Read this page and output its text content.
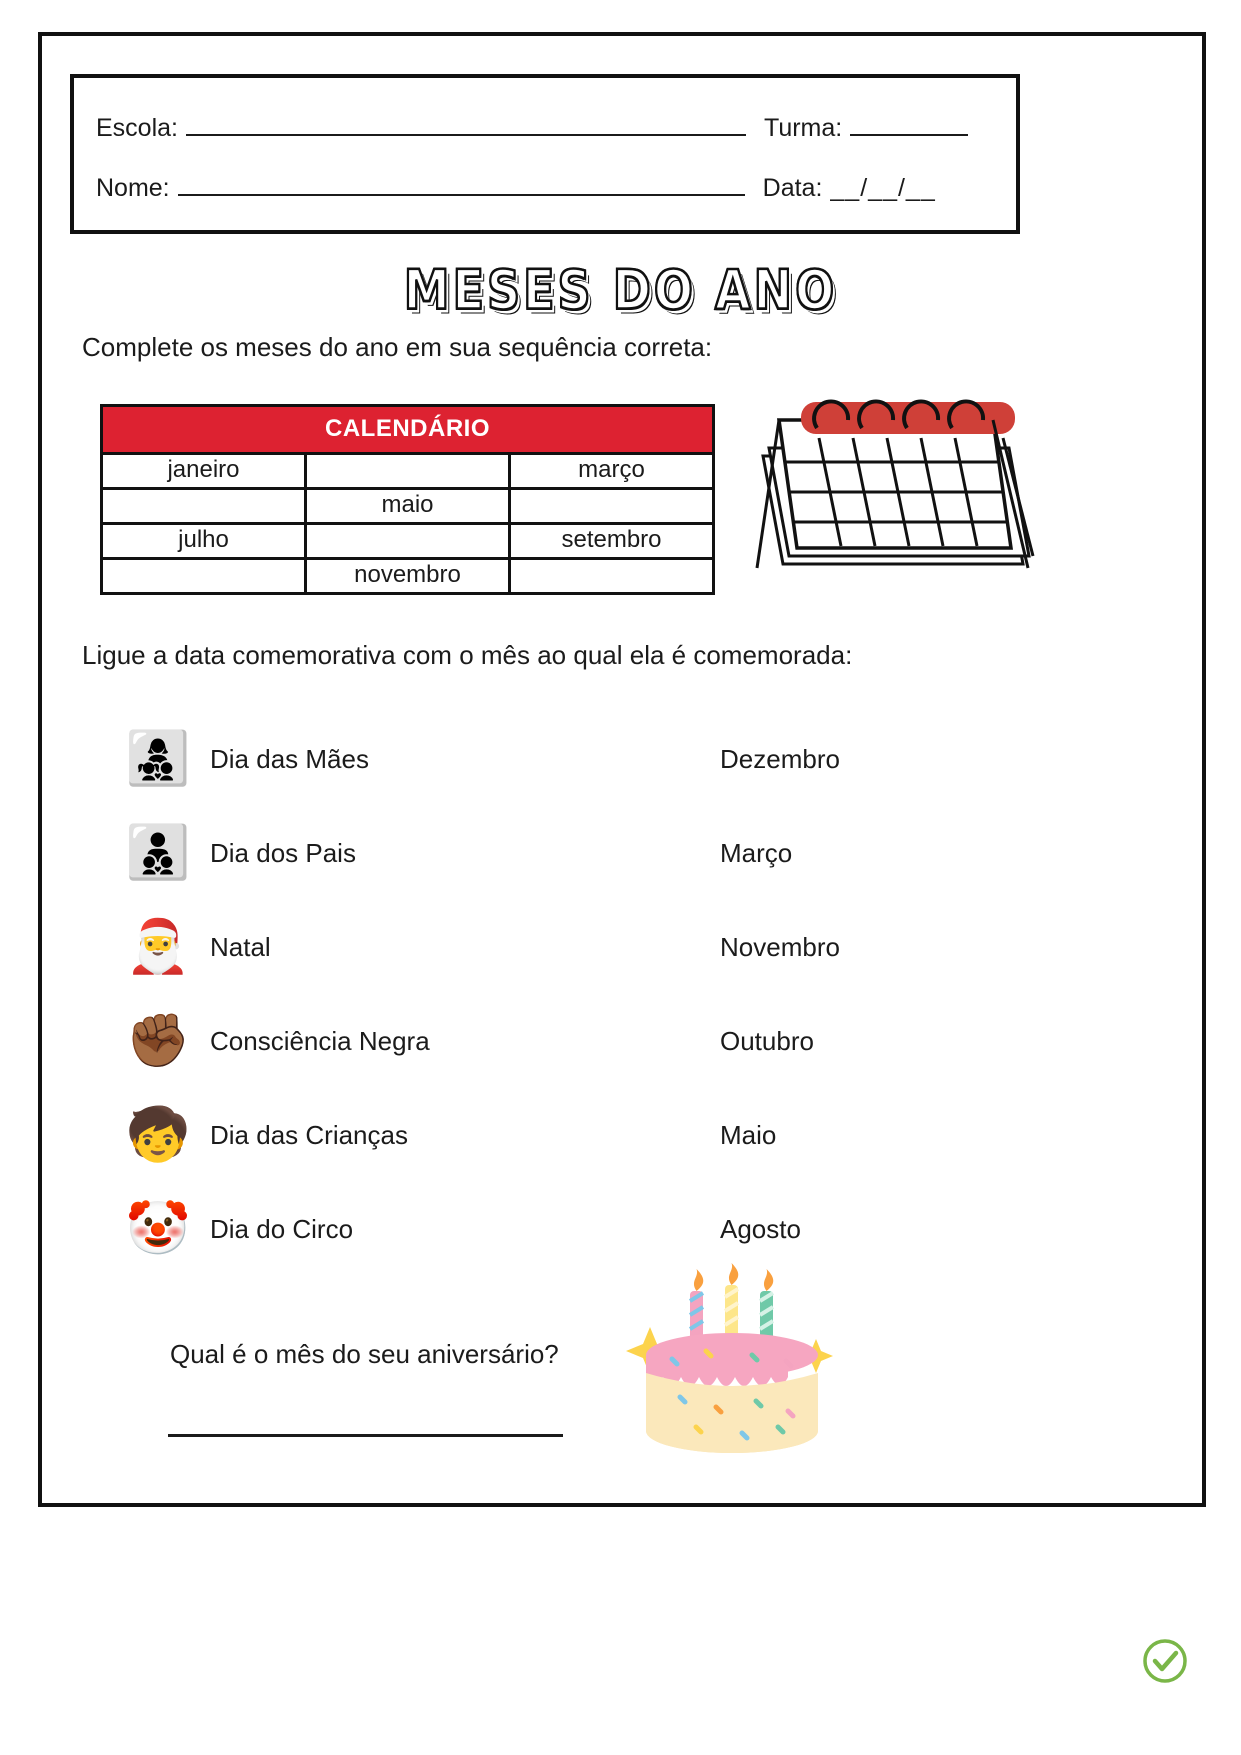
Escola:	Turma:
Nome:	Data: __/__/__
MESES DO ANO
Complete os meses do ano em sua sequência correta:
CALENDÁRIO		
janeiro		março
	maio	
julho		setembro
	novembro	
Ligue a data comemorativa com o mês ao qual ela é comemorada:
👩‍👧‍👦 Dia das Mães	Dezembro
👨‍👦‍👦 Dia dos Pais	Março
🎅 Natal	Novembro
✊🏾 Consciência Negra	Outubro
🧒 Dia das Crianças	Maio
🤡 Dia do Circo	Agosto
Qual é o mês do seu aniversário?
